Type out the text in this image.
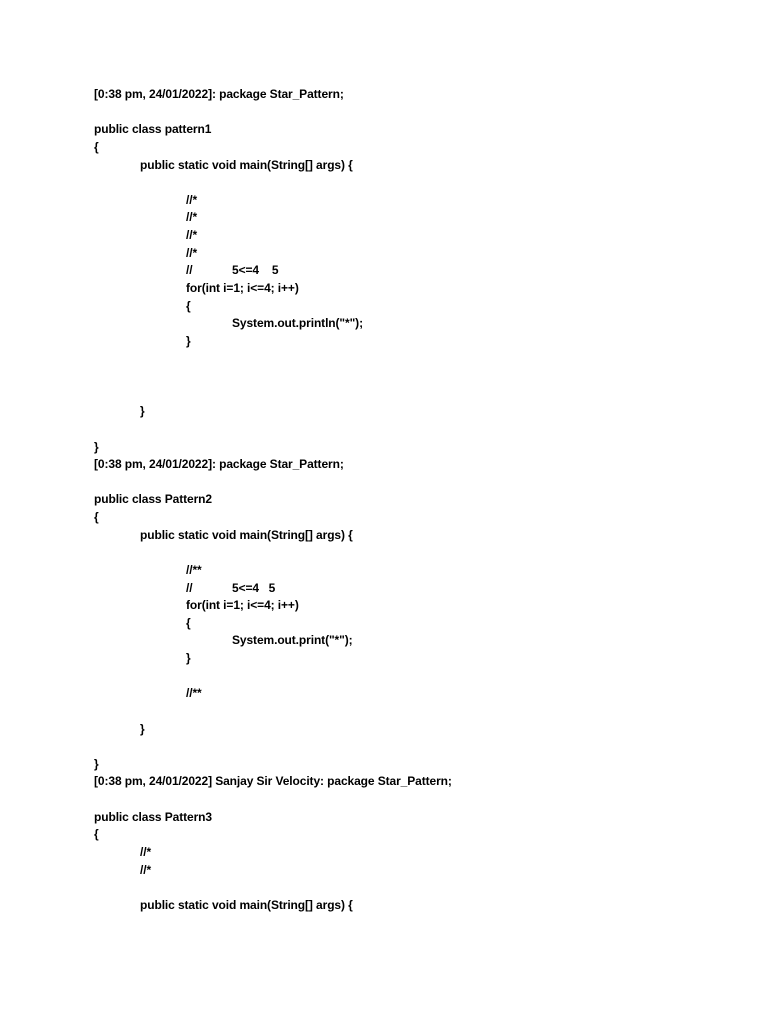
[0:38 pm, 24/01/2022]: package Star_Pattern;
public class pattern1
{
public static void main(String[] args) {
//*
//*
//*
//*
//	5<=4    5
for(int i=1; i<=4; i++)
{
System.out.println("*");
}
}
}
[0:38 pm, 24/01/2022]: package Star_Pattern;
public class Pattern2
{
public static void main(String[] args) {
//**
//	5<=4   5
for(int i=1; i<=4; i++)
{
System.out.print("*");
}
//**
}
}
[0:38 pm, 24/01/2022] Sanjay Sir Velocity: package Star_Pattern;
public class Pattern3
{
//*
//*
public static void main(String[] args) {
